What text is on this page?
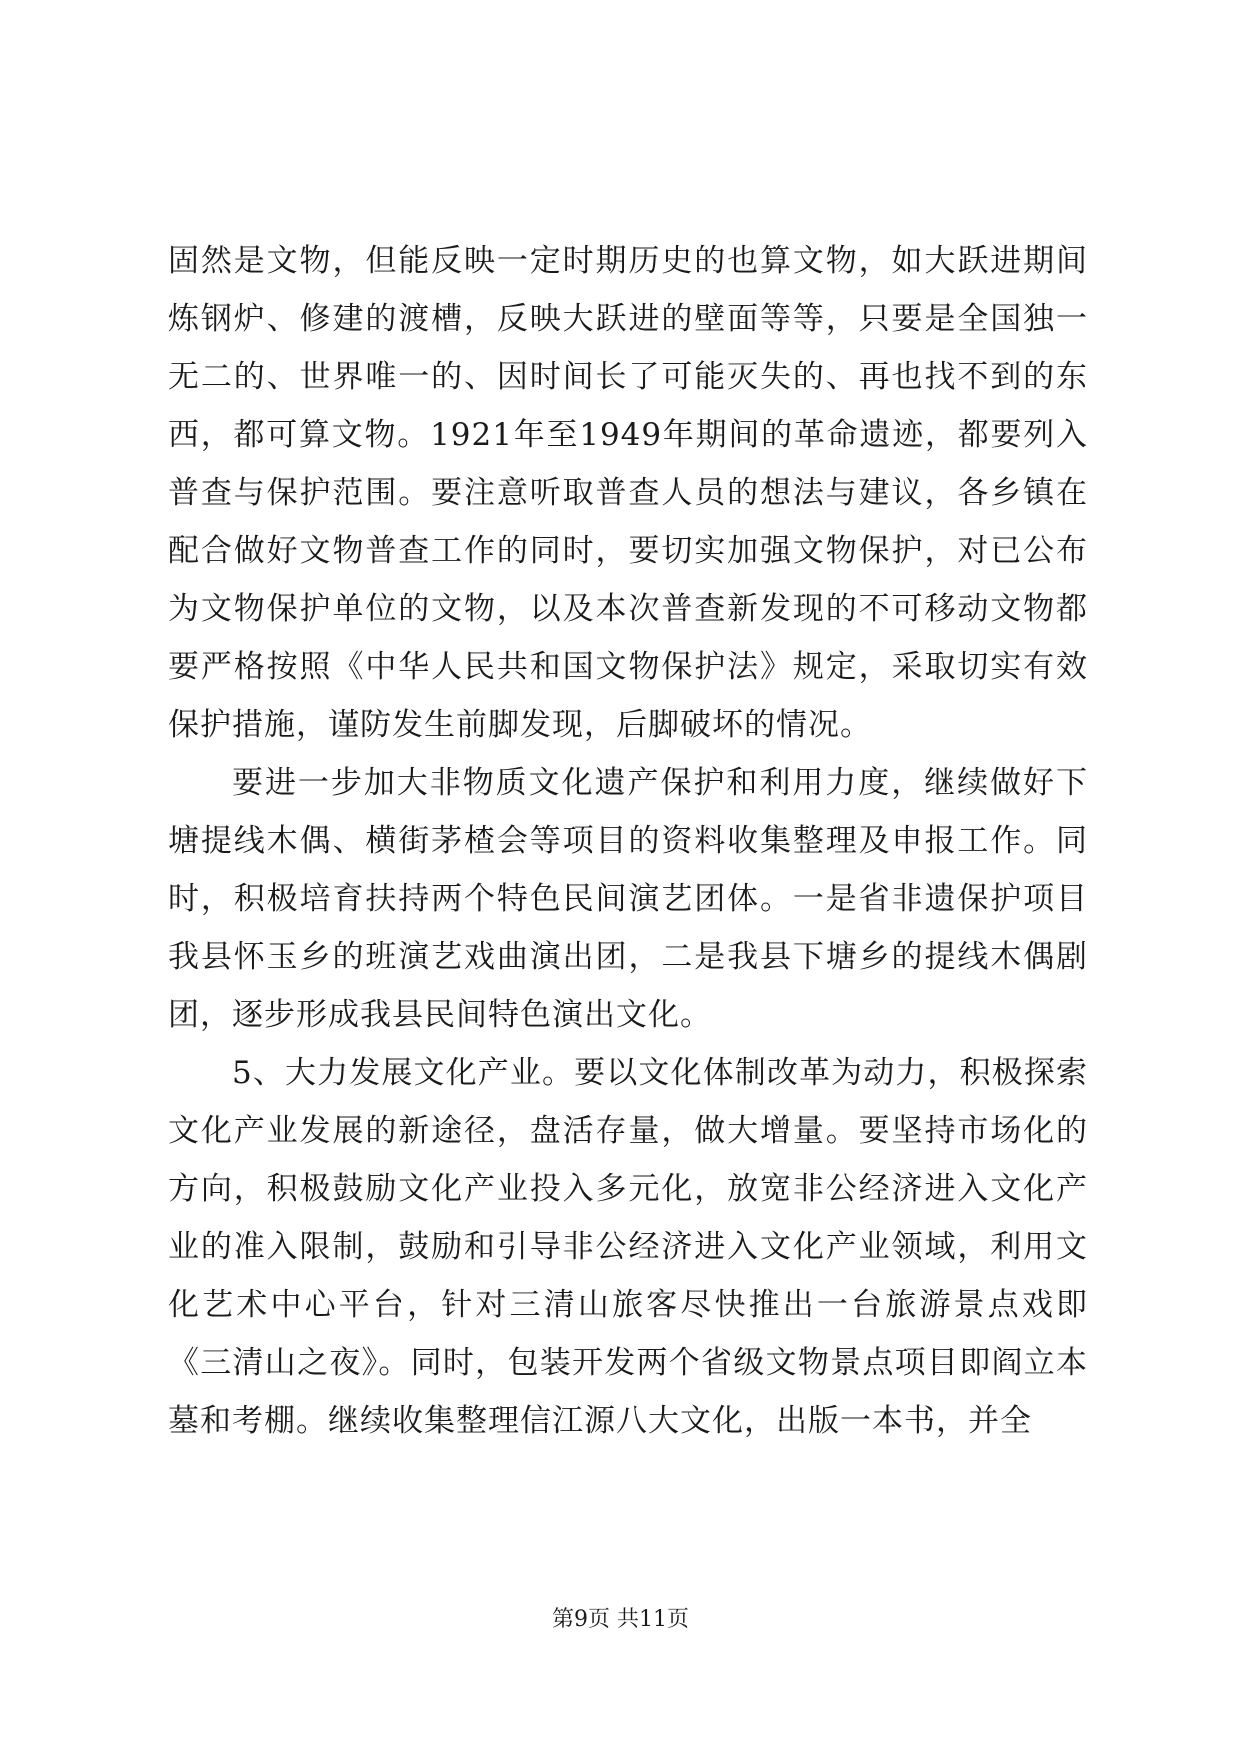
固然是文物，但能反映一定时期历史的也算文物，如大跃进期间炼钢炉、修建的渡槽，反映大跃进的壁面等等，只要是全国独一无二的、世界唯一的、因时间长了可能灭失的、再也找不到的东西，都可算文物。1921年至1949年期间的革命遗迹，都要列入普查与保护范围。要注意听取普查人员的想法与建议，各乡镇在配合做好文物普查工作的同时，要切实加强文物保护，对已公布为文物保护单位的文物，以及本次普查新发现的不可移动文物都要严格按照《中华人民共和国文物保护法》规定，采取切实有效保护措施，谨防发生前脚发现，后脚破坏的情况。

要进一步加大非物质文化遗产保护和利用力度，继续做好下塘提线木偶、横街茅楂会等项目的资料收集整理及申报工作。同时，积极培育扶持两个特色民间演艺团体。一是省非遗保护项目我县怀玉乡的班演艺戏曲演出团，二是我县下塘乡的提线木偶剧团，逐步形成我县民间特色演出文化。

5、大力发展文化产业。要以文化体制改革为动力，积极探索文化产业发展的新途径，盘活存量，做大增量。要坚持市场化的方向，积极鼓励文化产业投入多元化，放宽非公经济进入文化产业的准入限制，鼓励和引导非公经济进入文化产业领域，利用文化艺术中心平台，针对三清山旅客尽快推出一台旅游景点戏即《三清山之夜》。同时，包装开发两个省级文物景点项目即阎立本墓和考棚。继续收集整理信江源八大文化，出版一本书，并全

第9页 共11页
